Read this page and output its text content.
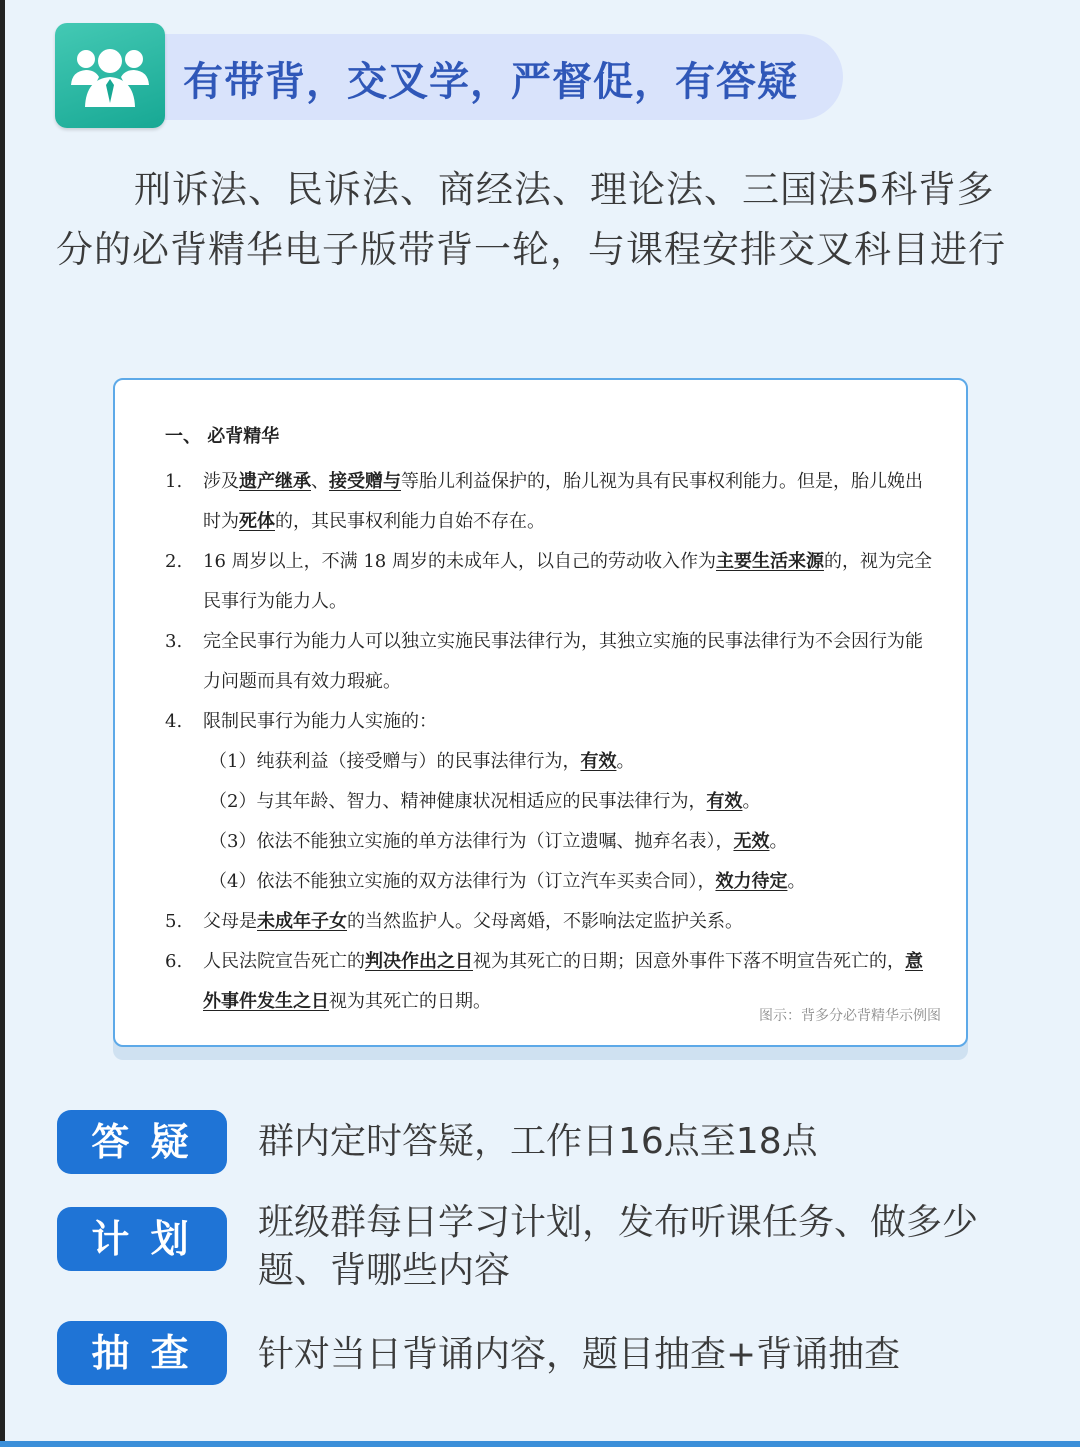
有带背，交叉学，严督促，有答疑
刑诉法、民诉法、商经法、理论法、三国法5科背多分的必背精华电子版带背一轮，与课程安排交叉科目进行
一、 必背精华
1. 涉及遗产继承、接受赠与等胎儿利益保护的，胎儿视为具有民事权利能力。但是，胎儿娩出时为死体的，其民事权利能力自始不存在。
2. 16 周岁以上，不满 18 周岁的未成年人，以自己的劳动收入作为主要生活来源的，视为完全民事行为能力人。
3. 完全民事行为能力人可以独立实施民事法律行为，其独立实施的民事法律行为不会因行为能力问题而具有效力瑕疵。
4. 限制民事行为能力人实施的：
（1）纯获利益（接受赠与）的民事法律行为，有效。
（2）与其年龄、智力、精神健康状况相适应的民事法律行为，有效。
（3）依法不能独立实施的单方法律行为（订立遗嘱、抛弃名表），无效。
（4）依法不能独立实施的双方法律行为（订立汽车买卖合同），效力待定。
5. 父母是未成年子女的当然监护人。父母离婚，不影响法定监护关系。
6. 人民法院宣告死亡的判决作出之日视为其死亡的日期；因意外事件下落不明宣告死亡的，意外事件发生之日视为其死亡的日期。
图示：背多分必背精华示例图
答 疑	群内定时答疑，工作日16点至18点
计 划	班级群每日学习计划，发布听课任务、做多少题、背哪些内容
抽 查	针对当日背诵内容，题目抽查+背诵抽查
